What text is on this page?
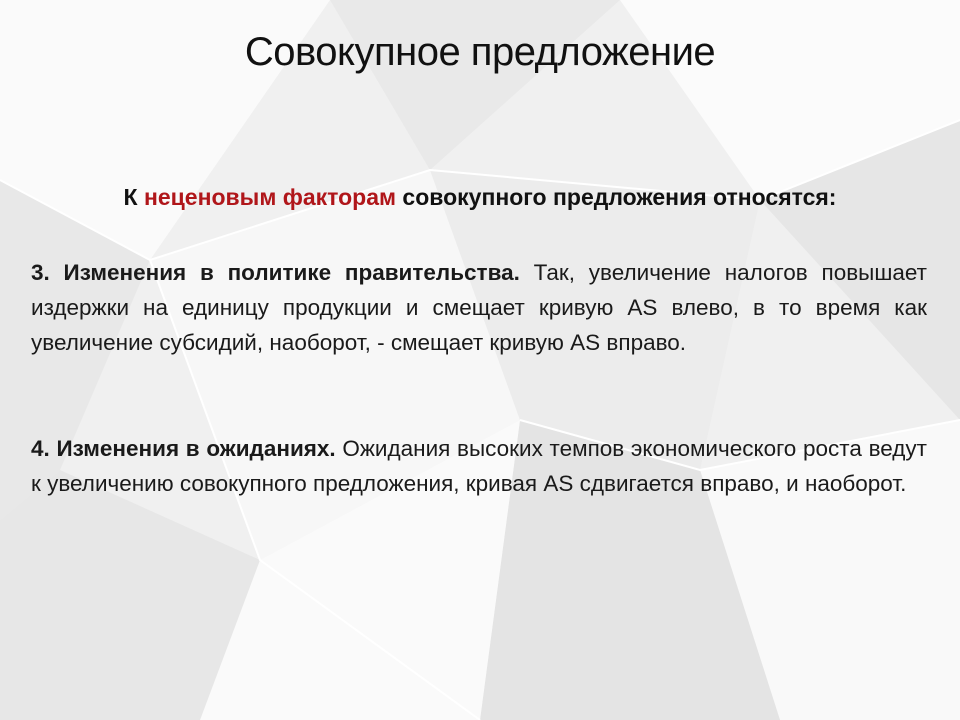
Совокупное предложение

К неценовым факторам совокупного предложения относятся:

3. Изменения в политике правительства. Так, увеличение налогов повышает издержки на единицу продукции и смещает кривую AS влево, в то время как увеличение субсидий, наоборот, - смещает кривую AS вправо.

4. Изменения в ожиданиях. Ожидания высоких темпов экономического роста ведут к увеличению совокупного предложения, кривая AS сдвигается вправо, и наоборот.
